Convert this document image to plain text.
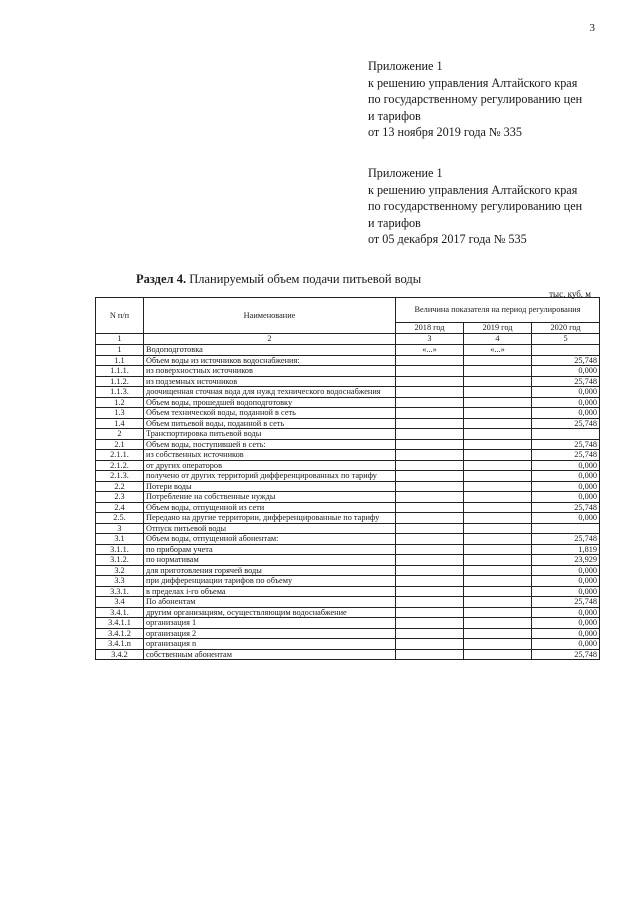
3
Приложение 1
к решению управления Алтайского края
по государственному регулированию цен
и тарифов
от 13 ноября 2019 года № 335
Приложение 1
к решению управления Алтайского края
по государственному регулированию цен
и тарифов
от 05 декабря 2017 года № 535
Раздел 4. Планируемый объем подачи питьевой воды
тыс. куб. м
N п/п	Наименование	Величина показателя на период регулирования		
		2018 год	2019 год	2020 год
1	2	3	4	5
1	Водоподготовка	«...»	«...»	
1.1	Объем воды из источников водоснабжения:			25,748
1.1.1.	из поверхностных источников			0,000
1.1.2.	из подземных источников			25,748
1.1.3.	доочищенная сточная вода для нужд технического водоснабжения			0,000
1.2	Объем воды, прошедшей водоподготовку			0,000
1.3	Объем технической воды, поданной в сеть			0,000
1.4	Объем питьевой воды, поданной в сеть			25,748
2	Транспортировка питьевой воды			
2.1	Объем воды, поступившей в сеть:			25,748
2.1.1.	из собственных источников			25,748
2.1.2.	от других операторов			0,000
2.1.3.	получено от других территорий дифференцированных по тарифу			0,000
2.2	Потери воды			0,000
2.3	Потребление на собственные нужды			0,000
2.4	Объем воды, отпущенной из сети			25,748
2.5.	Передано на другие территории, дифференцированные по тарифу			0,000
3	Отпуск питьевой воды			
3.1	Объем воды, отпущенной абонентам:			25,748
3.1.1.	по приборам учета			1,819
3.1.2.	по нормативам			23,929
3.2	для приготовления горячей воды			0,000
3.3	при дифференциации тарифов по объему			0,000
3.3.1.	в пределах i-го объема			0,000
3.4	По абонентам			25,748
3.4.1.	другим организациям, осуществляющим водоснабжение			0,000
3.4.1.1	организация 1			0,000
3.4.1.2	организация 2			0,000
3.4.1.n	организация n			0,000
3.4.2	собственным абонентам			25,748
